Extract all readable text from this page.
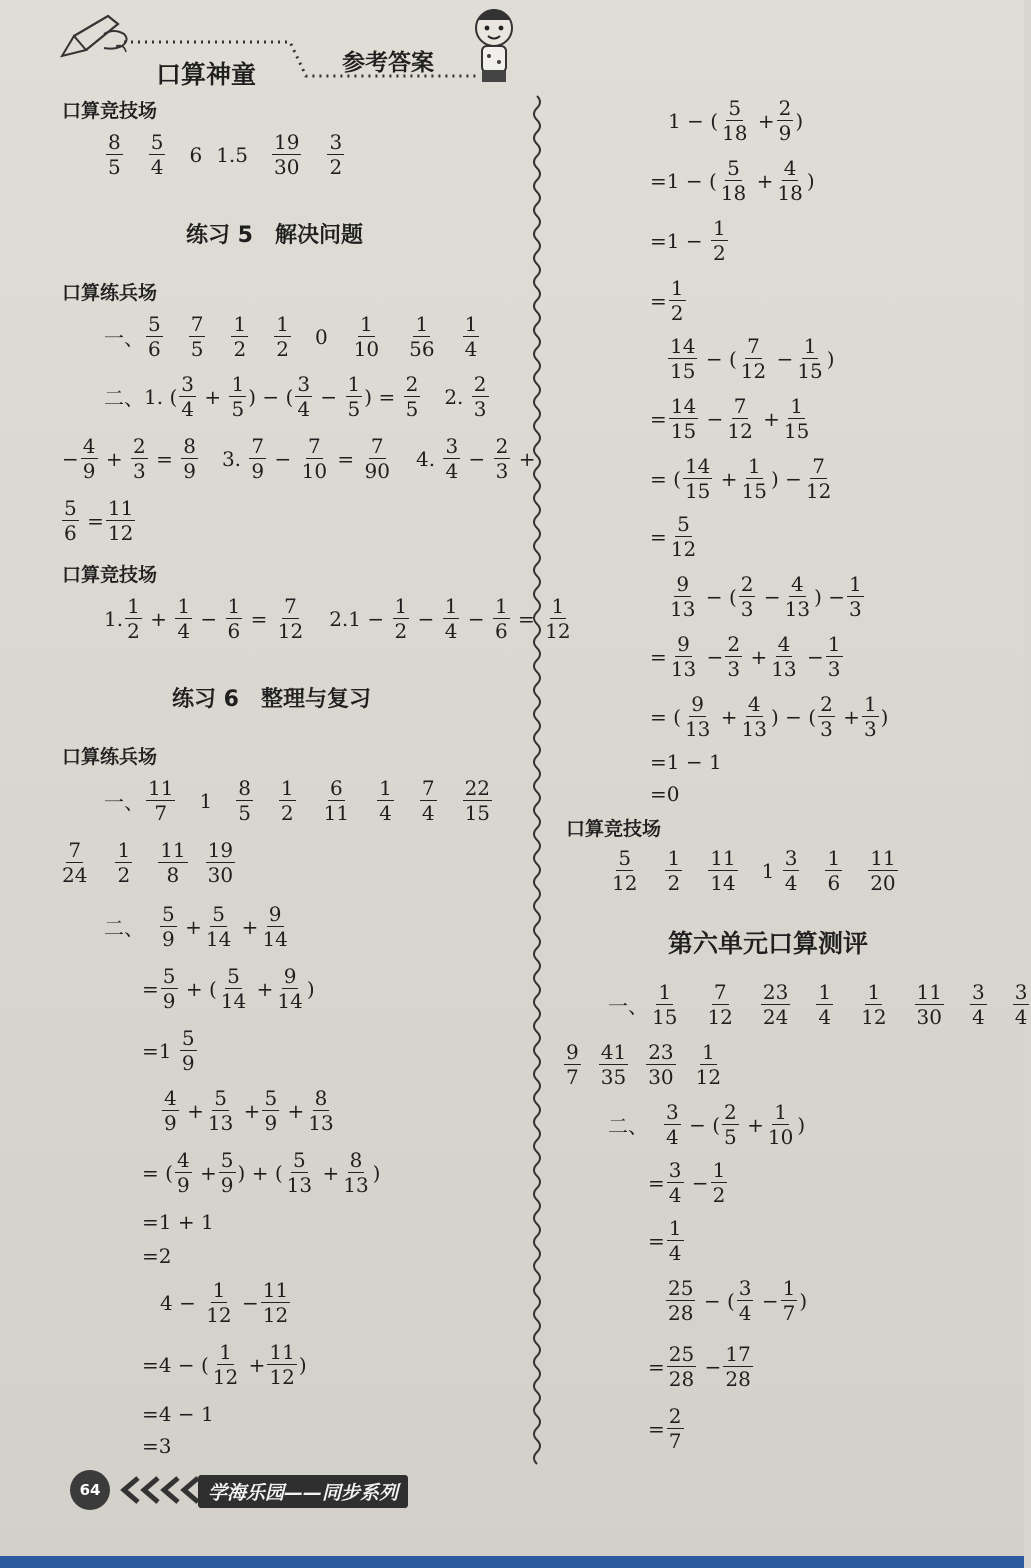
口算神童	参考答案
口算竞技场
$\frac{8}{5} \frac{5}{4} 6$ $1.5 \frac{19}{30} \frac{3}{2}$
练习 5　解决问题
口算练兵场
一、 $\frac{5}{6} \frac{7}{5} \frac{1}{2} \frac{1}{2} 0 \frac{1}{10} \frac{1}{56} \frac{1}{4}$
二、 1.
( $\frac{3}{4}$
+
$\frac{1}{5}$ )
−
( $\frac{3}{4}$
−
$\frac{1}{5}$ )
=
$\frac{2}{5} 2$.
$\frac{2}{3}$
− $\frac{4}{9}$
+
$\frac{2}{3}$
=
$\frac{8}{9} 3$.
$\frac{7}{9}$
−
$\frac{7}{10}$
=
$\frac{7}{90} 4$.
$\frac{3}{4}$
−
$\frac{2}{3}$
+
$\frac{5}{6}$
= $\frac{11}{12}$
口算竞技场
1. $\frac{1}{2}$
+
$\frac{1}{4}$
−
$\frac{1}{6}$
=
$\frac{7}{12} 2$. 1
−
$\frac{1}{2}$
−
$\frac{1}{4}$
−
$\frac{1}{6}$
=
$\frac{1}{12}$
练习 6　整理与复习
口算练兵场
一、 $\frac{11}{7} 1 \frac{8}{5} \frac{1}{2} \frac{6}{11} \frac{1}{4} \frac{7}{4} \frac{22}{15}$
$\frac{7}{24} \frac{1}{2} \frac{11}{8} \frac{19}{30}$
二、 $\frac{5}{9}$
+ $\frac{5}{14}$
+ $\frac{9}{14}$
= $\frac{5}{9}$
+
( $\frac{5}{14}$
+ $\frac{9}{14}$ )
=1
$\frac{5}{9}$
$\frac{4}{9}$
+ $\frac{5}{13}$
+ $\frac{5}{9}$
+ $\frac{8}{13}$
=
( $\frac{4}{9}$
+ $\frac{5}{9}$ )
+
( $\frac{5}{13}$
+ $\frac{8}{13}$ )
=1 + 1
=2
4 −
$\frac{1}{12}$
− $\frac{11}{12}$
= 4 −
( $\frac{1}{12}$
+ $\frac{11}{12}$ )
=4 − 1
=3
1 −
( $\frac{5}{18}$
+ $\frac{2}{9}$ )
= 1 −
( $\frac{5}{18}$
+ $\frac{4}{18}$ )
= 1 −
$\frac{1}{2}$
= $\frac{1}{2}$
$\frac{14}{15}$
−
( $\frac{7}{12}$
− $\frac{1}{15}$ )
= $\frac{14}{15}$
− $\frac{7}{12}$
+ $\frac{1}{15}$
=
( $\frac{14}{15}$
+ $\frac{1}{15}$ )
− $\frac{7}{12}$
= $\frac{5}{12}$
$\frac{9}{13}$
−
( $\frac{2}{3}$
− $\frac{4}{13}$ )
− $\frac{1}{3}$
= $\frac{9}{13}$
− $\frac{2}{3}$
+ $\frac{4}{13}$
− $\frac{1}{3}$
=
( $\frac{9}{13}$
+ $\frac{4}{13}$ )
−
( $\frac{2}{3}$
+ $\frac{1}{3}$ )
=1 − 1
=0
口算竞技场
$\frac{5}{12} \frac{1}{2} \frac{11}{14} 1$
$\frac{3}{4} \frac{1}{6} \frac{11}{20}$
第六单元口算测评
一、 $\frac{1}{15} \frac{7}{12} \frac{23}{24} \frac{1}{4} \frac{1}{12} \frac{11}{30} \frac{3}{4} \frac{3}{4}$
$\frac{9}{7} \frac{41}{35} \frac{23}{30} \frac{1}{12}$
二、 $\frac{3}{4}$
−
( $\frac{2}{5}$
+ $\frac{1}{10}$ )
= $\frac{3}{4}$
− $\frac{1}{2}$
= $\frac{1}{4}$
$\frac{25}{28}$
−
( $\frac{3}{4}$
− $\frac{1}{7}$ )
= $\frac{25}{28}$
− $\frac{17}{28}$
= $\frac{2}{7}$
64	学海乐园——同步系列
